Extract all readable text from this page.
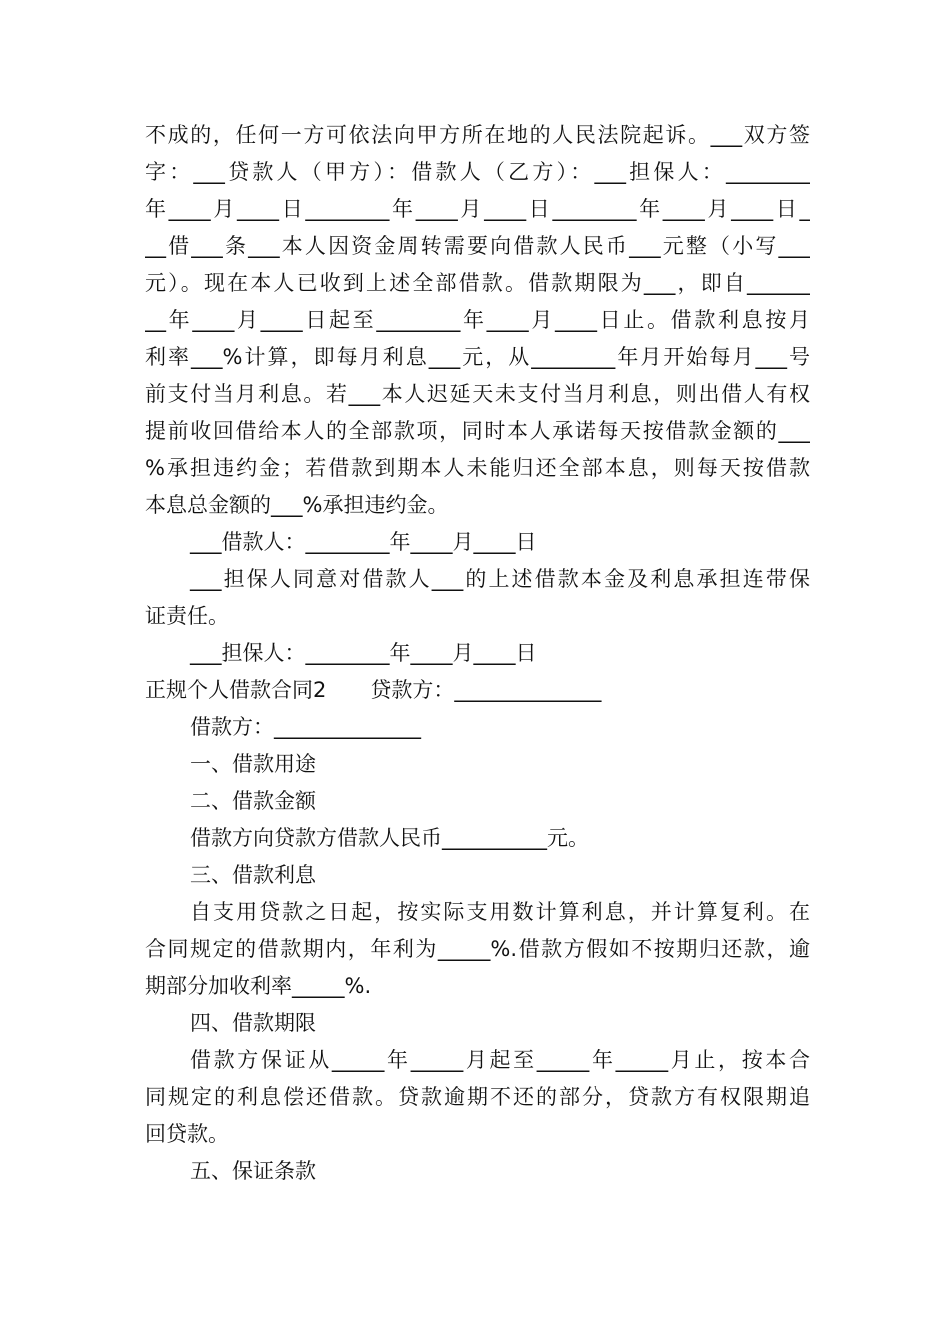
不成的，任何一方可依法向甲方所在地的人民法院起诉。___双方签
字：___贷款人（甲方）：借款人（乙方）：___担保人：________
年____月____日________年____月____日________年____月____日_
__借___条___本人因资金周转需要向借款人民币___元整（小写___
元）。现在本人已收到上述全部借款。借款期限为___，即自______
__年____月____日起至________年____月____日止。借款利息按月
利率___%计算，即每月利息___元，从________年月开始每月___号
前支付当月利息。若___本人迟延天未支付当月利息，则出借人有权
提前收回借给本人的全部款项，同时本人承诺每天按借款金额的___
%承担违约金；若借款到期本人未能归还全部本息，则每天按借款
本息总金额的___%承担违约金。
___借款人：________年____月____日
___担保人同意对借款人___的上述借款本金及利息承担连带保
证责任。
___担保人：________年____月____日
正规个人借款合同2 贷款方：______________
借款方：______________
一、借款用途
二、借款金额
借款方向贷款方借款人民币__________元。
三、借款利息
自支用贷款之日起，按实际支用数计算利息，并计算复利。在
合同规定的借款期内，年利为_____%.借款方假如不按期归还款，逾
期部分加收利率_____%.
四、借款期限
借款方保证从_____年_____月起至_____年_____月止，按本合
同规定的利息偿还借款。贷款逾期不还的部分，贷款方有权限期追
回贷款。
五、保证条款
